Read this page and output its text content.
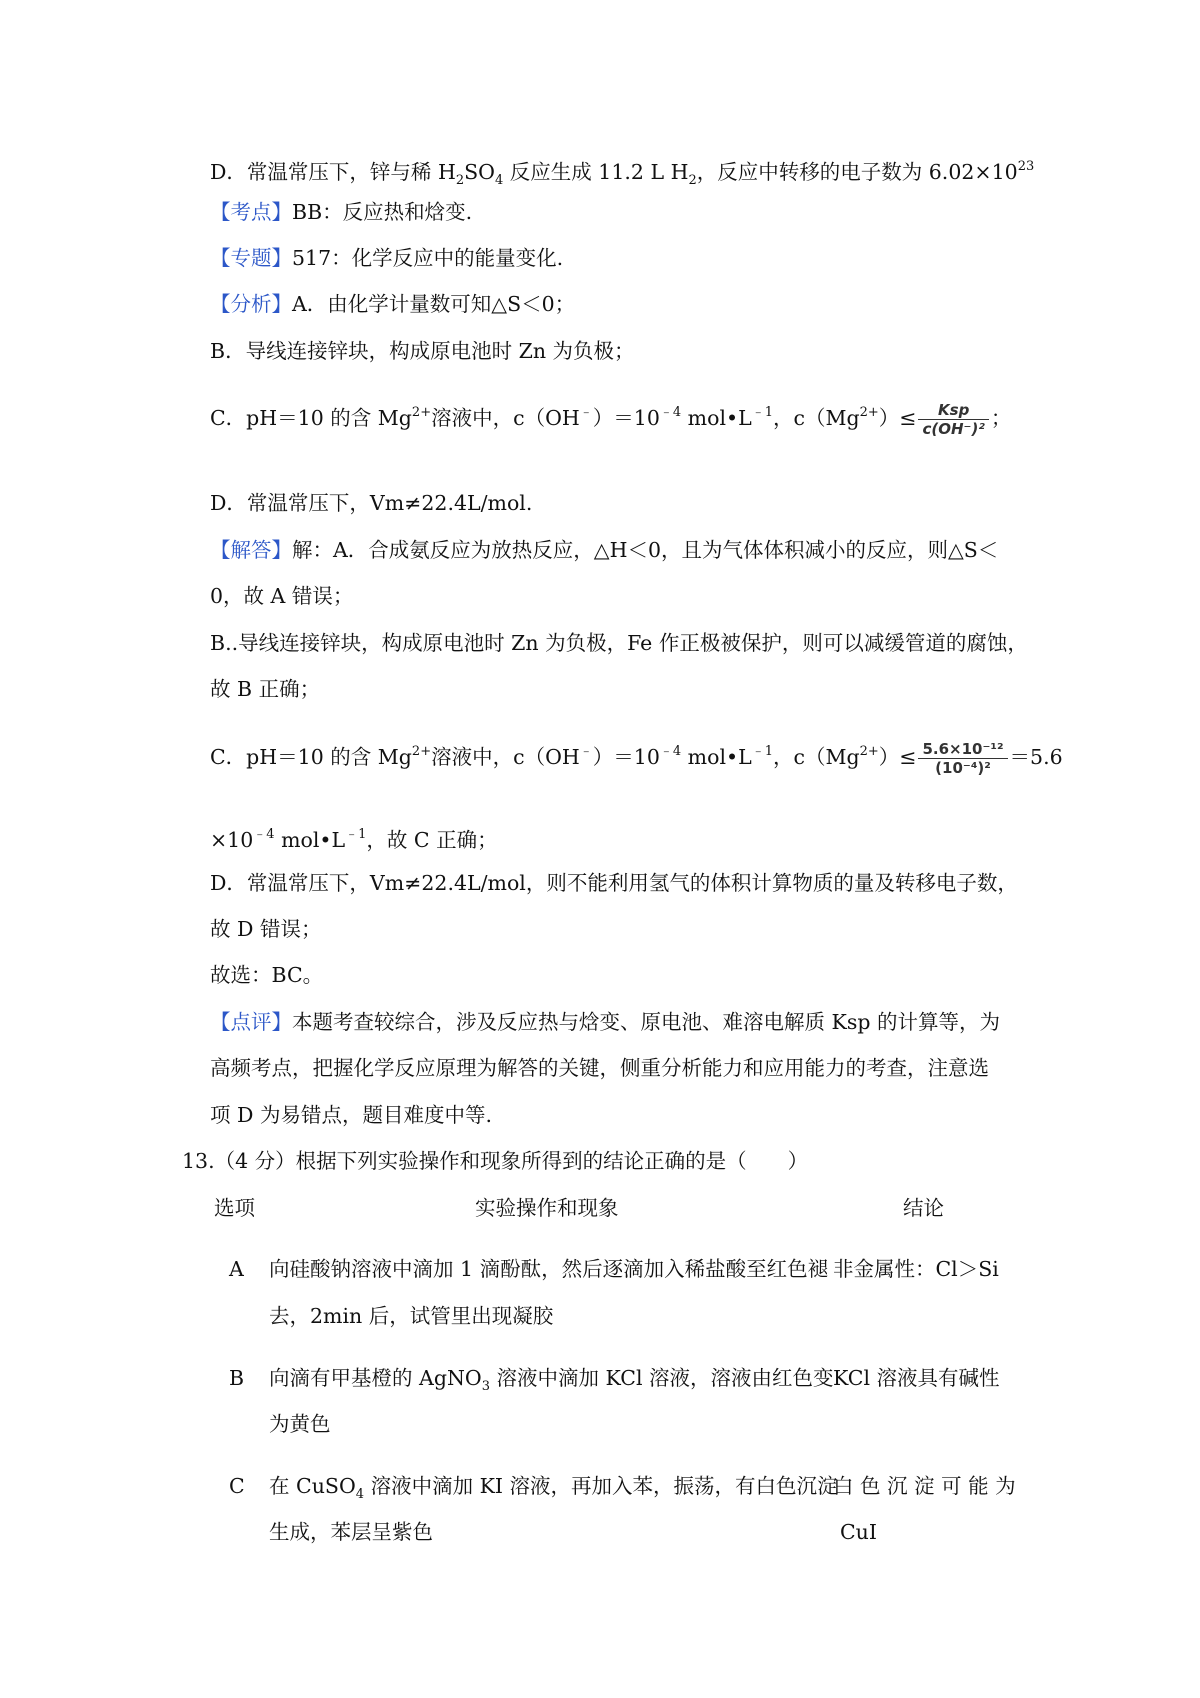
D．常温常压下，锌与稀 $H_2SO_4$ 反应生成 11.2 L $H_2$，反应中转移的电子数为 $6.02\times 10^{23}$
【考点】BB：反应热和焓变.
【专题】517：化学反应中的能量变化.
【分析】A．由化学计量数可知△S＜0；
B．导线连接锌块，构成原电池时 Zn 为负极；
C．pH＝10 的含 $Mg^{2+}$溶液中，$c(OH^﹣)=10^{﹣4}$ $mol•L^{﹣1}$，$c(Mg^{2+})\le \frac{\text{Ksp}}{\text{c(OH⁻)²}}$ ；
D．常温常压下，Vm≠22.4L/mol.
【解答】解：A．合成氨反应为放热反应，△H＜0，且为气体体积减小的反应，则△S＜
0，故 A 错误；
B..导线连接锌块，构成原电池时 Zn 为负极，Fe 作正极被保护，则可以减缓管道的腐蚀，
故 B 正确；
C．pH＝10 的含 $Mg^{2+}$溶液中，$c(OH^﹣)=10^{﹣4}$ $mol•L^{﹣1}$，$c(Mg^{2+})\le \frac{\text{5.6×10⁻¹²}}{\text{(10⁻⁴)²}} =5.6$
$\times 10^{﹣4}$ $mol•L^{﹣1}$，故 C 正确；
D．常温常压下，Vm≠22.4L/mol，则不能利用氢气的体积计算物质的量及转移电子数，
故 D 错误；
故选：BC。
【点评】本题考查较综合，涉及反应热与焓变、原电池、难溶电解质 Ksp 的计算等，为
高频考点，把握化学反应原理为解答的关键，侧重分析能力和应用能力的考查，注意选
项 D 为易错点，题目难度中等.
13.（4 分）根据下列实验操作和现象所得到的结论正确的是（　　）
选项	实验操作和现象	结论
A 向硅酸钠溶液中滴加 1 滴酚酞，然后逐滴加入稀盐酸至红色褪
去，2min 后，试管里出现凝胶
非金属性：Cl＞Si
B 向滴有甲基橙的 AgNO$_3$ 溶液中滴加 KCl 溶液，溶液由红色变
为黄色
KCl 溶液具有碱性
C 在 CuSO$_4$ 溶液中滴加 KI 溶液，再加入苯，振荡，有白色沉淀
生成，苯层呈紫色
白 色 沉 淀 可 能 为
CuI
